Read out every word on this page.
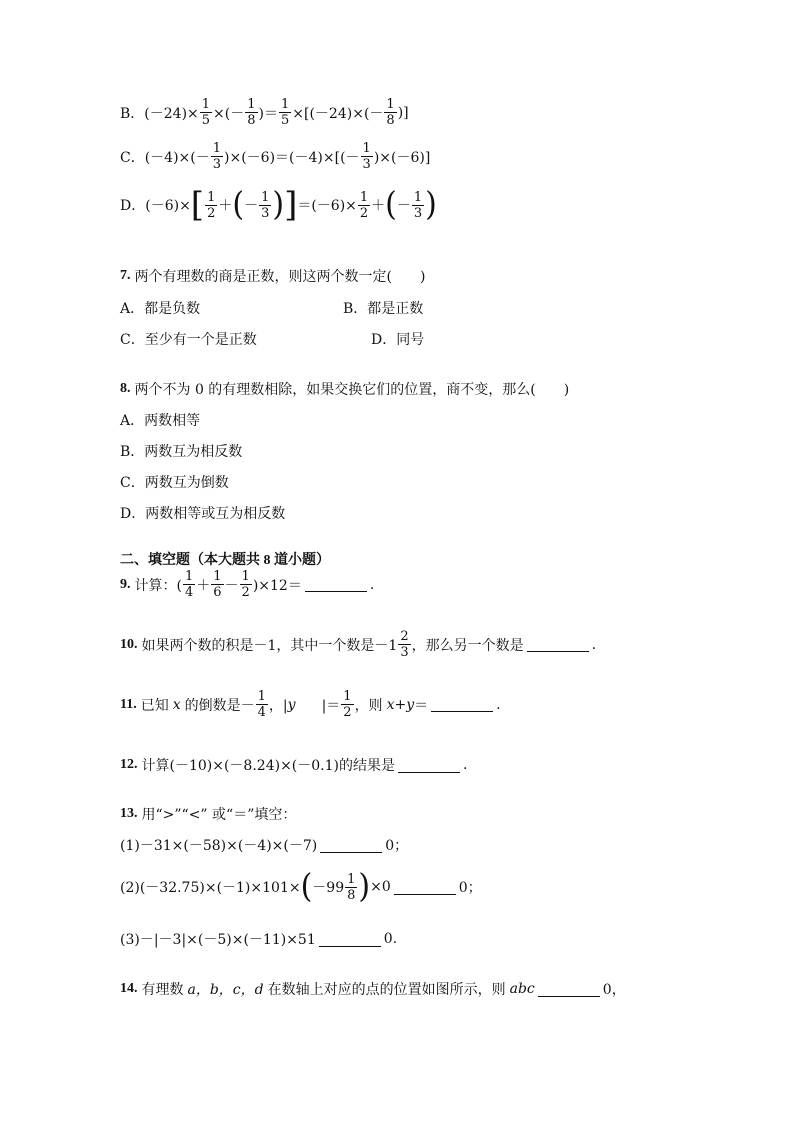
B． $(-24)\times \frac{1}{5}$ ×(－ $\frac{1}{8}$ )＝ $\frac{1}{5} \times[(-24)\times(- \frac{1}{8}$ )]
C． $(-4)\times(- \frac{1}{3} )\times(-6)=(-4)\times[(- \frac{1}{3} )\times(-6)]$
D． (－6)× [ $\frac{1}{2}$ ＋ ( － $\frac{1}{3}$ ) ] $=(-6)\times \frac{1}{2}$ ＋ ( － $\frac{1}{3}$ )
7. 两个有理数的商是正数，则这两个数一定(　　)
A．都是负数	B．都是正数
C．至少有一个是正数	D．同号
8. 两个不为 0 的有理数相除，如果交换它们的位置，商不变，那么(　　)
A．两数相等
B．两数互为相反数
C．两数互为倒数
D．两数相等或互为相反数
二、填空题（本大题共 8 道小题）
9. 计算：( $\frac{1}{4} + \frac{1}{6} - \frac{1}{2} )\times 12=$	.
10. 如果两个数的积是－1，其中一个数是$-1 \frac{2}{3}$ ，那么另一个数是	.
11. 已知 x 的倒数是－ $\frac{1}{4}$ ，| y |＝ $\frac{1}{2}$ ，则 x+y ＝	.
12. 计算(－10)×(－8.24)×(－0.1)的结果是	.
13. 用“>”“<” 或“＝”填空：
(1)－31×(－58)×(－4)×(－7)	0；
(2)(－32.75)×(－1)×101× ( $-99 \frac{1}{8}$ ) ×0	0；
(3)－|－3|×(－5)×(－11)×51	0.
14. 有理数 a，b，c，d 在数轴上对应的点的位置如图所示，则 abc	0，
